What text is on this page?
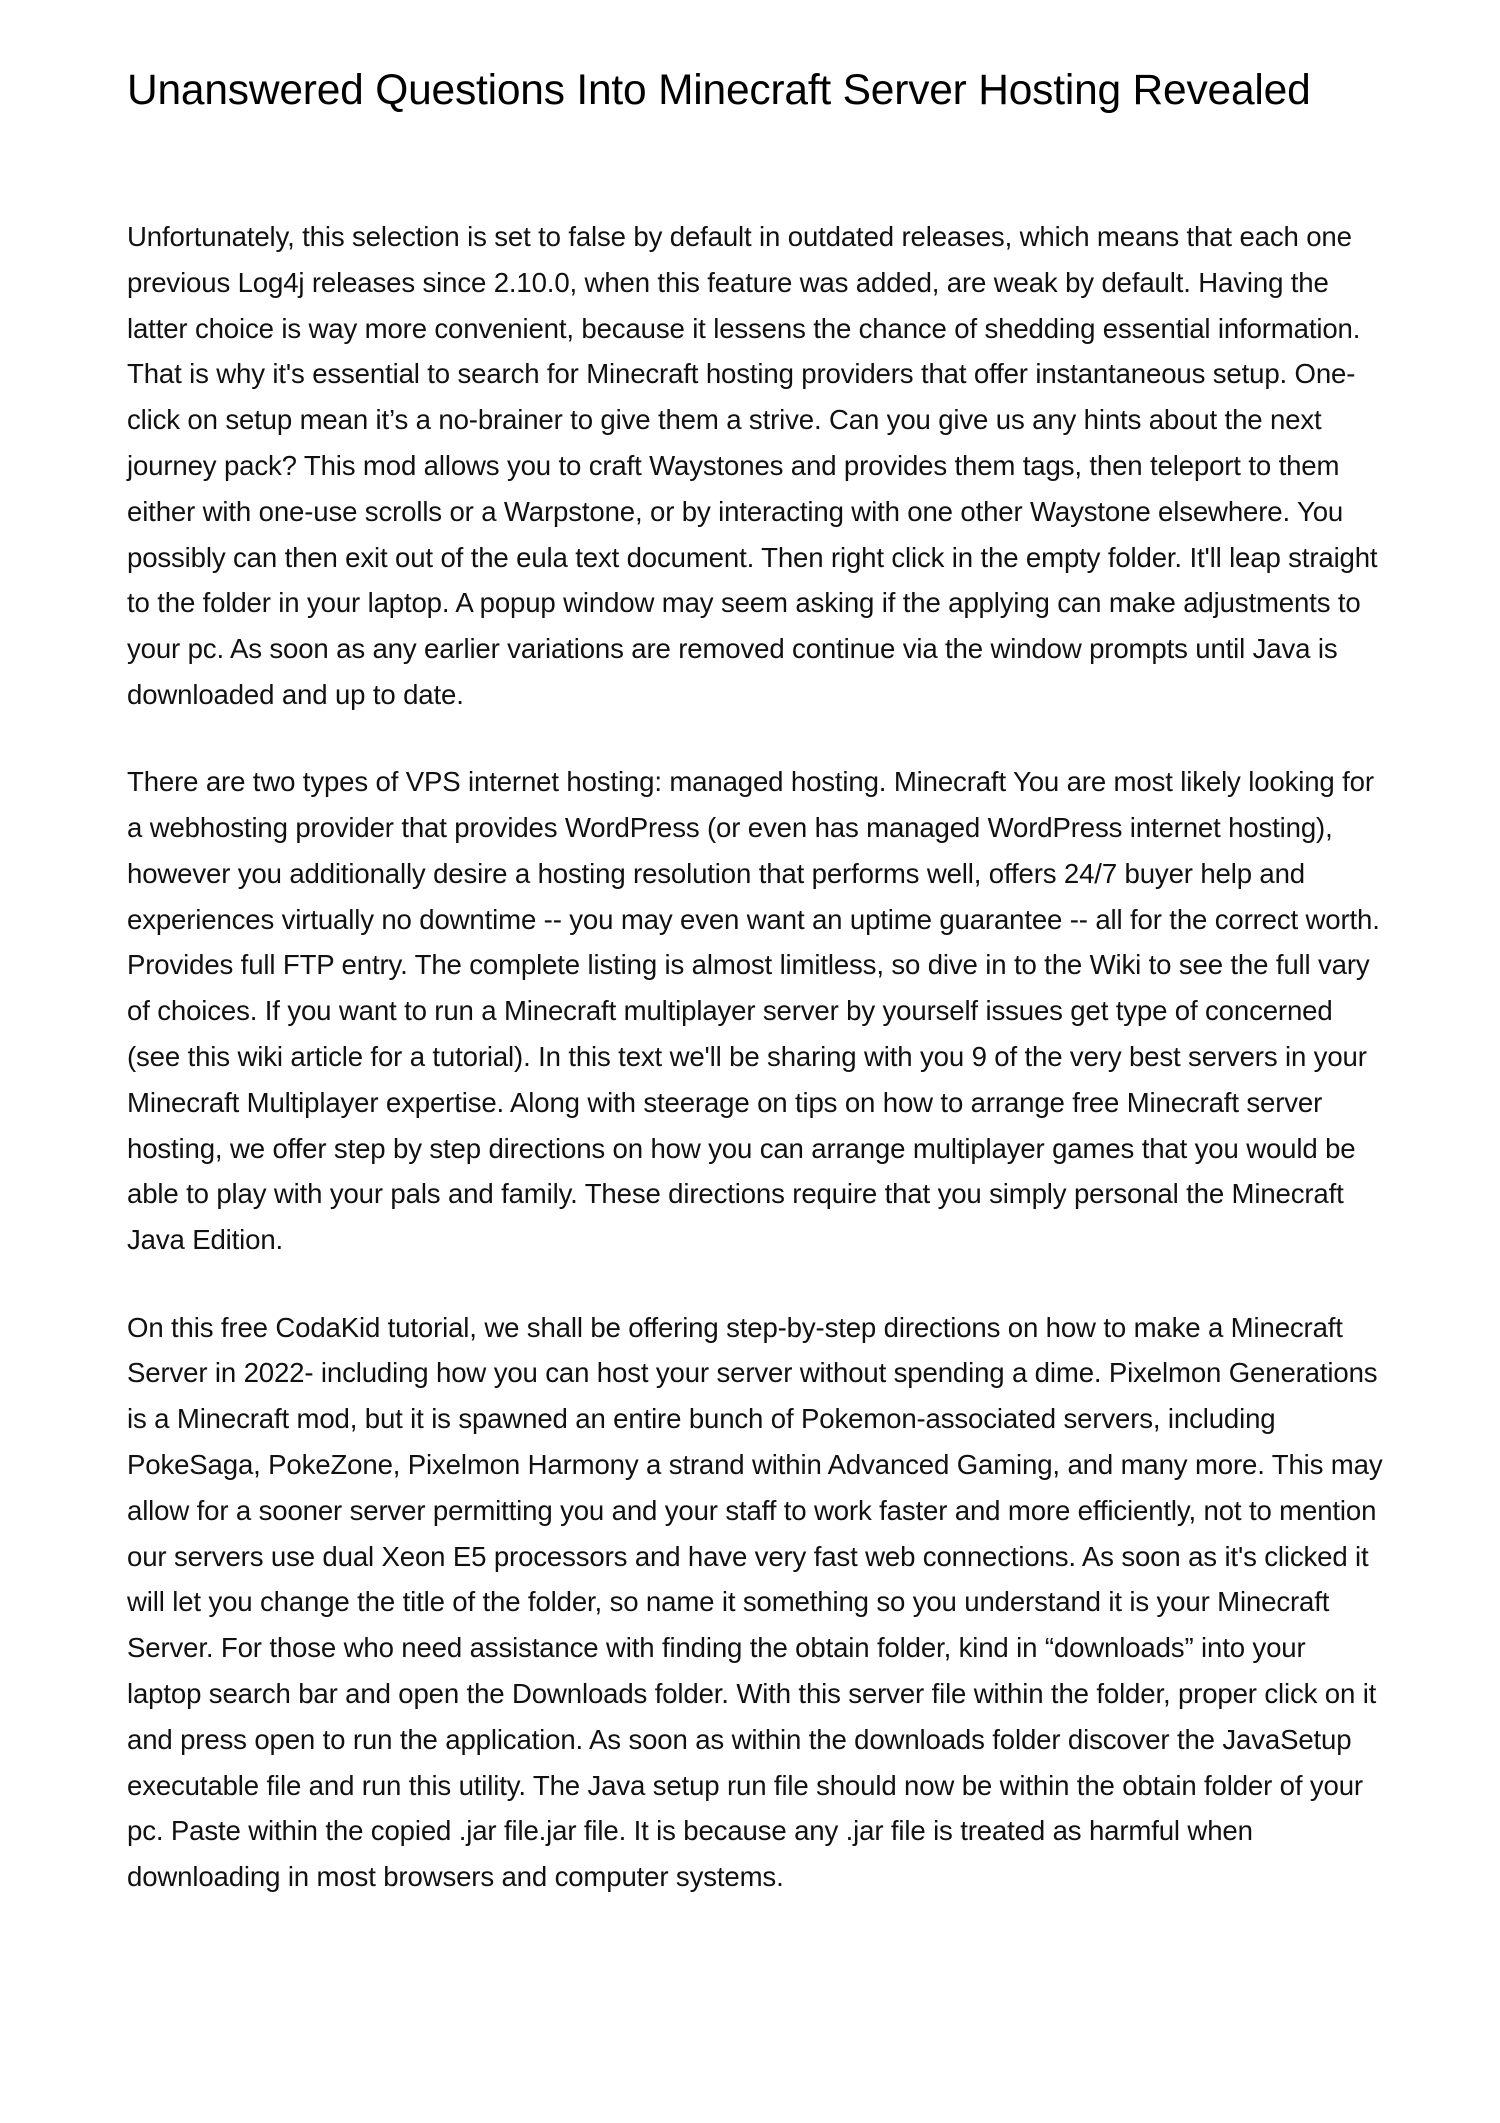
Unanswered Questions Into Minecraft Server Hosting Revealed

Unfortunately, this selection is set to false by default in outdated releases, which means that each one previous Log4j releases since 2.10.0, when this feature was added, are weak by default. Having the latter choice is way more convenient, because it lessens the chance of shedding essential information. That is why it's essential to search for Minecraft hosting providers that offer instantaneous setup. One-click on setup mean it’s a no-brainer to give them a strive. Can you give us any hints about the next journey pack? This mod allows you to craft Waystones and provides them tags, then teleport to them either with one-use scrolls or a Warpstone, or by interacting with one other Waystone elsewhere. You possibly can then exit out of the eula text document. Then right click in the empty folder. It'll leap straight to the folder in your laptop. A popup window may seem asking if the applying can make adjustments to your pc. As soon as any earlier variations are removed continue via the window prompts until Java is downloaded and up to date.

There are two types of VPS internet hosting: managed hosting. Minecraft You are most likely looking for a webhosting provider that provides WordPress (or even has managed WordPress internet hosting), however you additionally desire a hosting resolution that performs well, offers 24/7 buyer help and experiences virtually no downtime -- you may even want an uptime guarantee -- all for the correct worth. Provides full FTP entry. The complete listing is almost limitless, so dive in to the Wiki to see the full vary of choices. If you want to run a Minecraft multiplayer server by yourself issues get type of concerned (see this wiki article for a tutorial). In this text we'll be sharing with you 9 of the very best servers in your Minecraft Multiplayer expertise. Along with steerage on tips on how to arrange free Minecraft server hosting, we offer step by step directions on how you can arrange multiplayer games that you would be able to play with your pals and family. These directions require that you simply personal the Minecraft Java Edition.

On this free CodaKid tutorial, we shall be offering step-by-step directions on how to make a Minecraft Server in 2022- including how you can host your server without spending a dime. Pixelmon Generations is a Minecraft mod, but it is spawned an entire bunch of Pokemon-associated servers, including PokeSaga, PokeZone, Pixelmon Harmony a strand within Advanced Gaming, and many more. This may allow for a sooner server permitting you and your staff to work faster and more efficiently, not to mention our servers use dual Xeon E5 processors and have very fast web connections. As soon as it's clicked it will let you change the title of the folder, so name it something so you understand it is your Minecraft Server. For those who need assistance with finding the obtain folder, kind in “downloads” into your laptop search bar and open the Downloads folder. With this server file within the folder, proper click on it and press open to run the application. As soon as within the downloads folder discover the JavaSetup executable file and run this utility. The Java setup run file should now be within the obtain folder of your pc. Paste within the copied .jar file.jar file. It is because any .jar file is treated as harmful when downloading in most browsers and computer systems.
